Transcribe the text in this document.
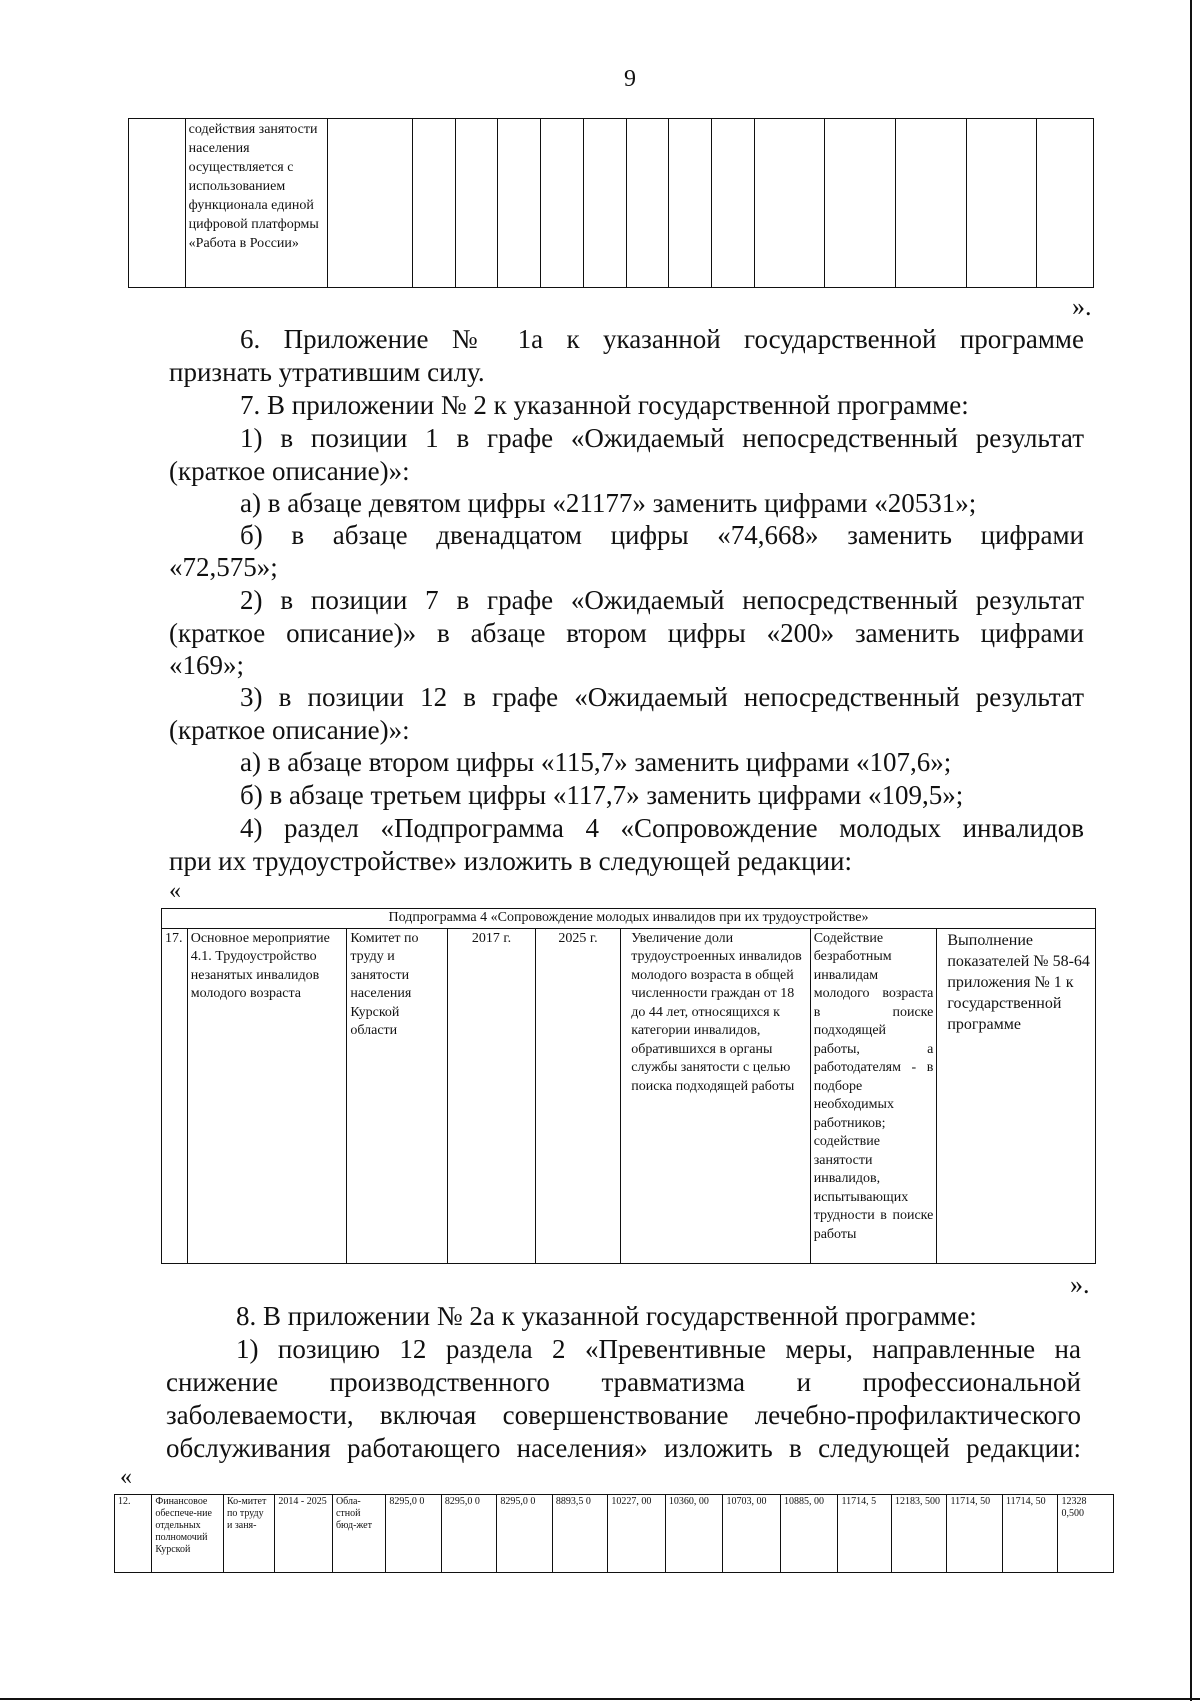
9
	содействия занятости населения осуществляется с использованием функционала единой цифровой платформы «Работа в России»														
».

6. Приложение № 1а к указанной государственной программе

признать утратившим силу.

7. В приложении № 2 к указанной государственной программе:

1) в позиции 1 в графе «Ожидаемый непосредственный результат

(краткое описание)»:

а) в абзаце девятом цифры «21177» заменить цифрами «20531»;

б) в абзаце двенадцатом цифры «74,668» заменить цифрами

«72,575»;

2) в позиции 7 в графе «Ожидаемый непосредственный результат

(краткое описание)» в абзаце втором цифры «200» заменить цифрами

«169»;

3) в позиции 12 в графе «Ожидаемый непосредственный результат

(краткое описание)»:

а) в абзаце втором цифры «115,7» заменить цифрами «107,6»;

б) в абзаце третьем цифры «117,7» заменить цифрами «109,5»;

4) раздел «Подпрограмма 4 «Сопровождение молодых инвалидов

при их трудоустройстве» изложить в следующей редакции:

«
Подпрограмма 4 «Сопровождение молодых инвалидов при их трудоустройстве»
17.	Основное мероприятие 4.1. Трудоустройство незанятых инвалидов молодого возраста	Комитет по труду и занятости населения Курской области	2017 г.	2025 г.	Увеличение доли трудоустроенных инвалидов молодого возраста в общей численности граждан от 18 до 44 лет, относящихся к категории инвалидов, обратившихся в органы службы занятости с целью поиска подходящей работы	Содействие безработным инвалидам молодого возраста в поиске подходящей работы, а работодателям - в подборе необходимых работников; содействие занятости инвалидов, испытывающих трудности в поиске работы	Выполнение показателей № 58-64 приложения № 1 к государственной программе
».

8. В приложении № 2а к указанной государственной программе:

1) позицию 12 раздела 2 «Превентивные меры, направленные на

снижение производственного травматизма и профессиональной

заболеваемости, включая совершенствование лечебно-профилактического

обслуживания работающего населения» изложить в следующей редакции:

«
12.	Финансовое обеспече-ние отдельных полномочий Курской	Ко-митет по труду и заня-	2014 - 2025	Обла-стной бюд-жет	8295,0 0	8295,0 0	8295,0 0	8893,5 0	10227, 00	10360, 00	10703, 00	10885, 00	11714, 5	12183, 500	11714, 50	11714, 50	12328 0,500
